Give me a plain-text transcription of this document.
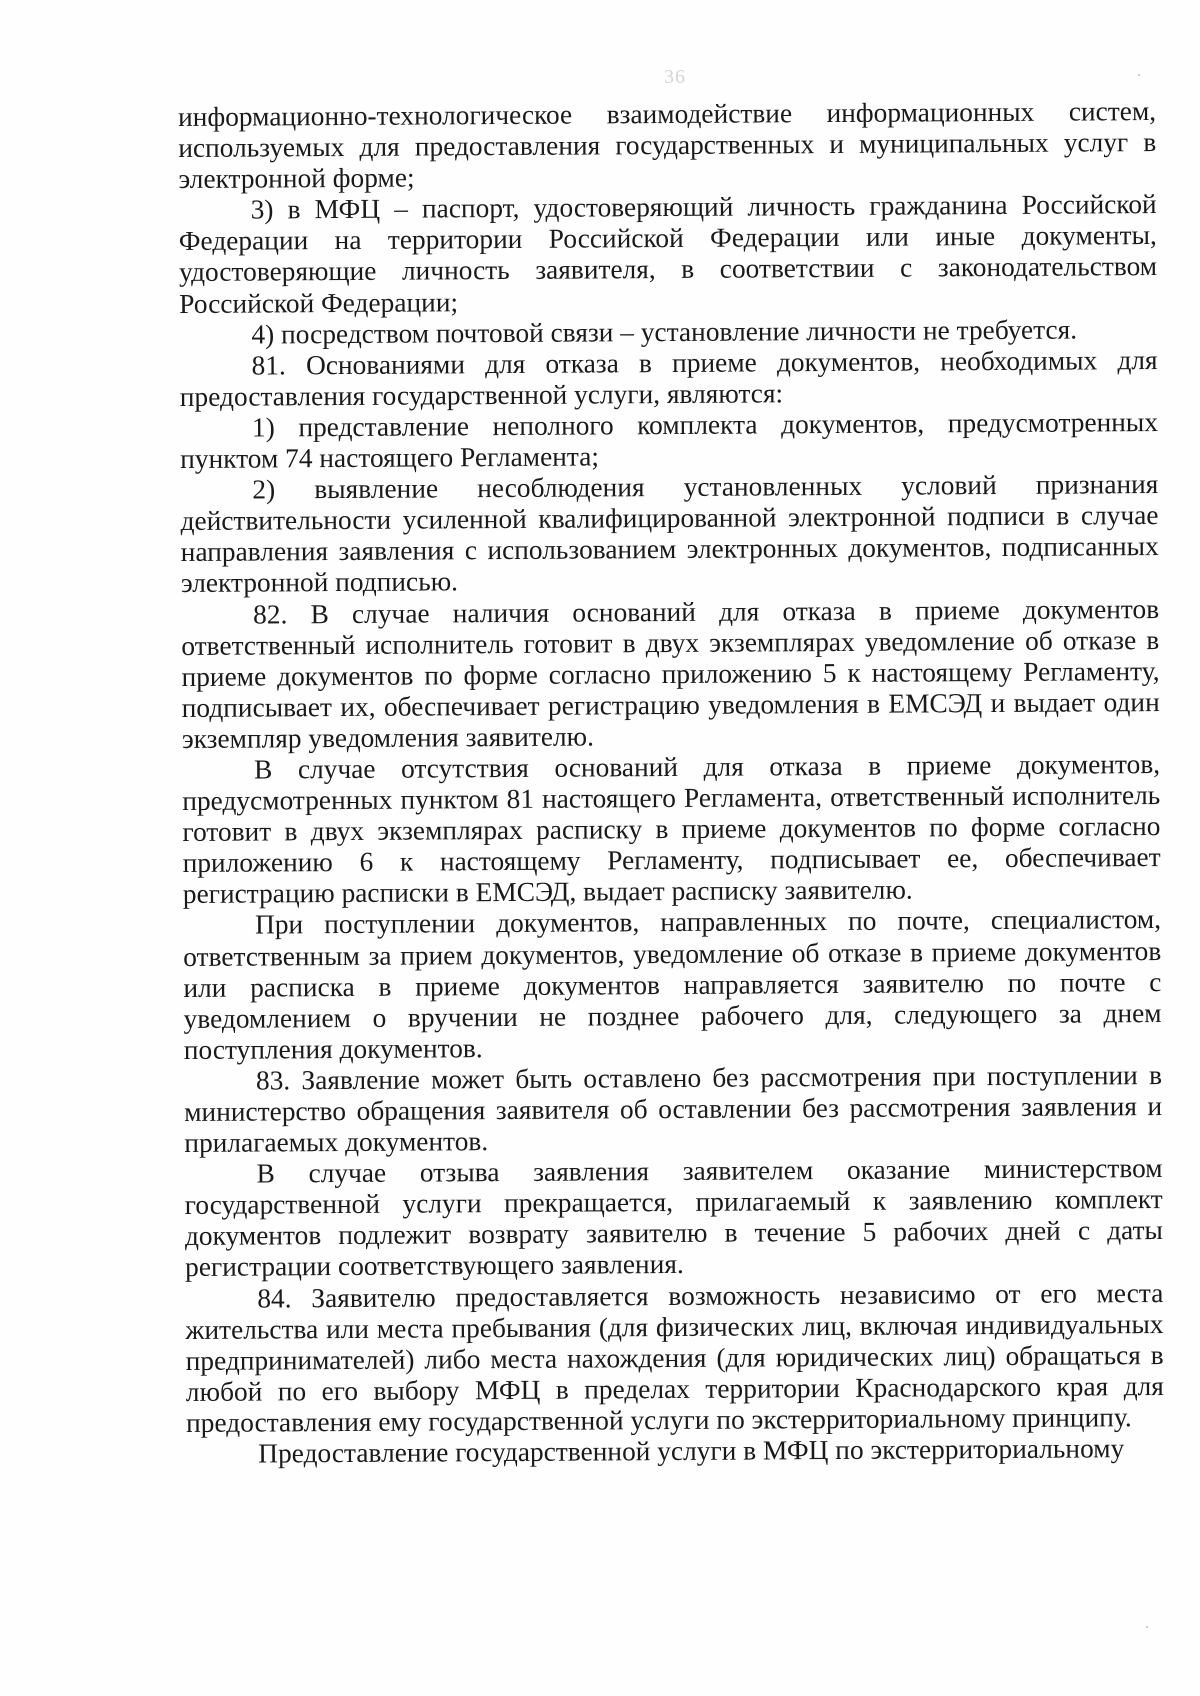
36

информационно-технологическое взаимодействие информационных систем, используемых для предоставления государственных и муниципальных услуг в электронной форме;

3) в МФЦ – паспорт, удостоверяющий личность гражданина Российской Федерации на территории Российской Федерации или иные документы, удостоверяющие личность заявителя, в соответствии с законодательством Российской Федерации;

4) посредством почтовой связи – установление личности не требуется.

81. Основаниями для отказа в приеме документов, необходимых для предоставления государственной услуги, являются:

1) представление неполного комплекта документов, предусмотренных пунктом 74 настоящего Регламента;

2) выявление несоблюдения установленных условий признания действительности усиленной квалифицированной электронной подписи в случае направления заявления с использованием электронных документов, подписанных электронной подписью.

82. В случае наличия оснований для отказа в приеме документов ответственный исполнитель готовит в двух экземплярах уведомление об отказе в приеме документов по форме согласно приложению 5 к настоящему Регламенту, подписывает их, обеспечивает регистрацию уведомления в ЕМСЭД и выдает один экземпляр уведомления заявителю.

В случае отсутствия оснований для отказа в приеме документов, предусмотренных пунктом 81 настоящего Регламента, ответственный исполнитель готовит в двух экземплярах расписку в приеме документов по форме согласно приложению 6 к настоящему Регламенту, подписывает ее, обеспечивает регистрацию расписки в ЕМСЭД, выдает расписку заявителю.

При поступлении документов, направленных по почте, специалистом, ответственным за прием документов, уведомление об отказе в приеме документов или расписка в приеме документов направляется заявителю по почте с уведомлением о вручении не позднее рабочего для, следующего за днем поступления документов.

83. Заявление может быть оставлено без рассмотрения при поступлении в министерство обращения заявителя об оставлении без рассмотрения заявления и прилагаемых документов.

В случае отзыва заявления заявителем оказание министерством государственной услуги прекращается, прилагаемый к заявлению комплект документов подлежит возврату заявителю в течение 5 рабочих дней с даты регистрации соответствующего заявления.

84. Заявителю предоставляется возможность независимо от его места жительства или места пребывания (для физических лиц, включая индивидуальных предпринимателей) либо места нахождения (для юридических лиц) обращаться в любой по его выбору МФЦ в пределах территории Краснодарского края для предоставления ему государственной услуги по экстерриториальному принципу.

Предоставление государственной услуги в МФЦ по экстерриториальному
